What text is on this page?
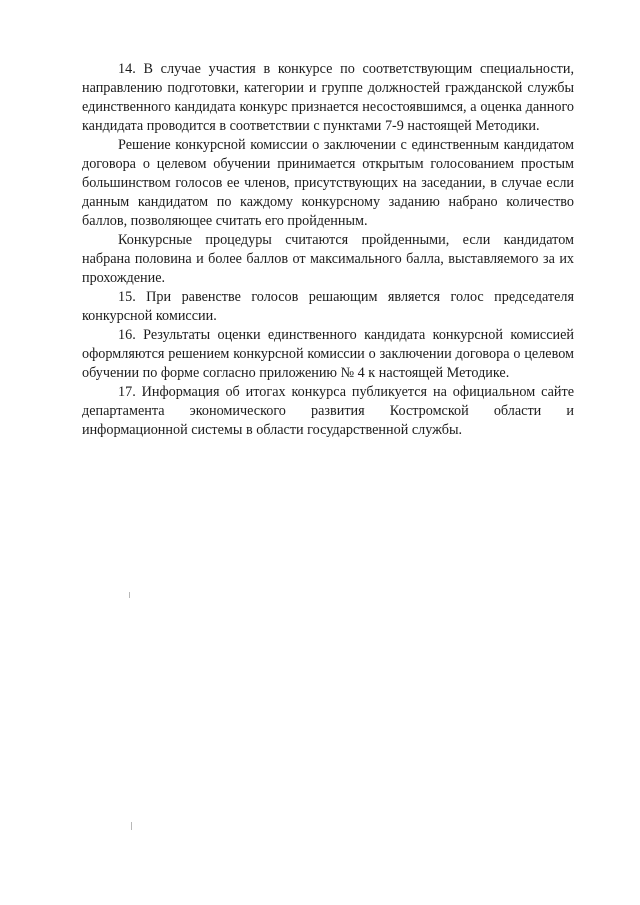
14. В случае участия в конкурсе по соответствующим специальности, направлению подготовки, категории и группе должностей гражданской службы единственного кандидата конкурс признается несостоявшимся, а оценка данного кандидата проводится в соответствии с пунктами 7-9 настоящей Методики.

Решение конкурсной комиссии о заключении с единственным кандидатом договора о целевом обучении принимается открытым голосованием простым большинством голосов ее членов, присутствующих на заседании, в случае если данным кандидатом по каждому конкурсному заданию набрано количество баллов, позволяющее считать его пройденным.

Конкурсные процедуры считаются пройденными, если кандидатом набрана половина и более баллов от максимального балла, выставляемого за их прохождение.

15. При равенстве голосов решающим является голос председателя конкурсной комиссии.

16. Результаты оценки единственного кандидата конкурсной комиссией оформляются решением конкурсной комиссии о заключении договора о целевом обучении по форме согласно приложению № 4 к настоящей Методике.

17. Информация об итогах конкурса публикуется на официальном сайте департамента экономического развития Костромской области и информационной системы в области государственной службы.
